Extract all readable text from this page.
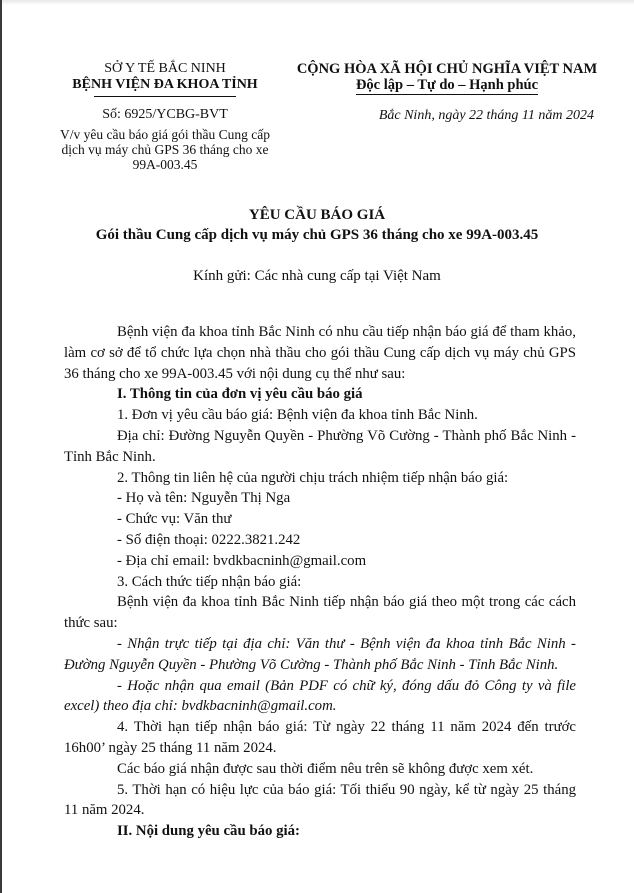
SỞ Y TẾ BẮC NINH
BỆNH VIỆN ĐA KHOA TỈNH
Số: 6925/YCBG-BVT
V/v yêu cầu báo giá gói thầu Cung cấp dịch vụ máy chủ GPS 36 tháng cho xe 99A-003.45
CỘNG HÒA XÃ HỘI CHỦ NGHĨA VIỆT NAM
Độc lập – Tự do – Hạnh phúc
Bắc Ninh, ngày 22 tháng 11 năm 2024
YÊU CẦU BÁO GIÁ
Gói thầu Cung cấp dịch vụ máy chủ GPS 36 tháng cho xe 99A-003.45
Kính gửi: Các nhà cung cấp tại Việt Nam

Bệnh viện đa khoa tỉnh Bắc Ninh có nhu cầu tiếp nhận báo giá để tham khảo, làm cơ sở để tổ chức lựa chọn nhà thầu cho gói thầu Cung cấp dịch vụ máy chủ GPS 36 tháng cho xe 99A-003.45 với nội dung cụ thể như sau:

I. Thông tin của đơn vị yêu cầu báo giá

1. Đơn vị yêu cầu báo giá: Bệnh viện đa khoa tỉnh Bắc Ninh.

Địa chỉ: Đường Nguyễn Quyền - Phường Võ Cường - Thành phố Bắc Ninh - Tỉnh Bắc Ninh.

2. Thông tin liên hệ của người chịu trách nhiệm tiếp nhận báo giá:

- Họ và tên: Nguyễn Thị Nga

- Chức vụ: Văn thư

- Số điện thoại: 0222.3821.242

- Địa chỉ email: bvdkbacninh@gmail.com

3. Cách thức tiếp nhận báo giá:

Bệnh viện đa khoa tỉnh Bắc Ninh tiếp nhận báo giá theo một trong các cách thức sau:

- Nhận trực tiếp tại địa chỉ: Văn thư - Bệnh viện đa khoa tỉnh Bắc Ninh - Đường Nguyễn Quyền - Phường Võ Cường - Thành phố Bắc Ninh - Tỉnh Bắc Ninh.

- Hoặc nhận qua email (Bản PDF có chữ ký, đóng dấu đỏ Công ty và file excel) theo địa chỉ: bvdkbacninh@gmail.com.

4. Thời hạn tiếp nhận báo giá: Từ ngày 22 tháng 11 năm 2024 đến trước 16h00’ ngày 25 tháng 11 năm 2024.

Các báo giá nhận được sau thời điểm nêu trên sẽ không được xem xét.

5. Thời hạn có hiệu lực của báo giá: Tối thiểu 90 ngày, kể từ ngày 25 tháng 11 năm 2024.

II. Nội dung yêu cầu báo giá:
